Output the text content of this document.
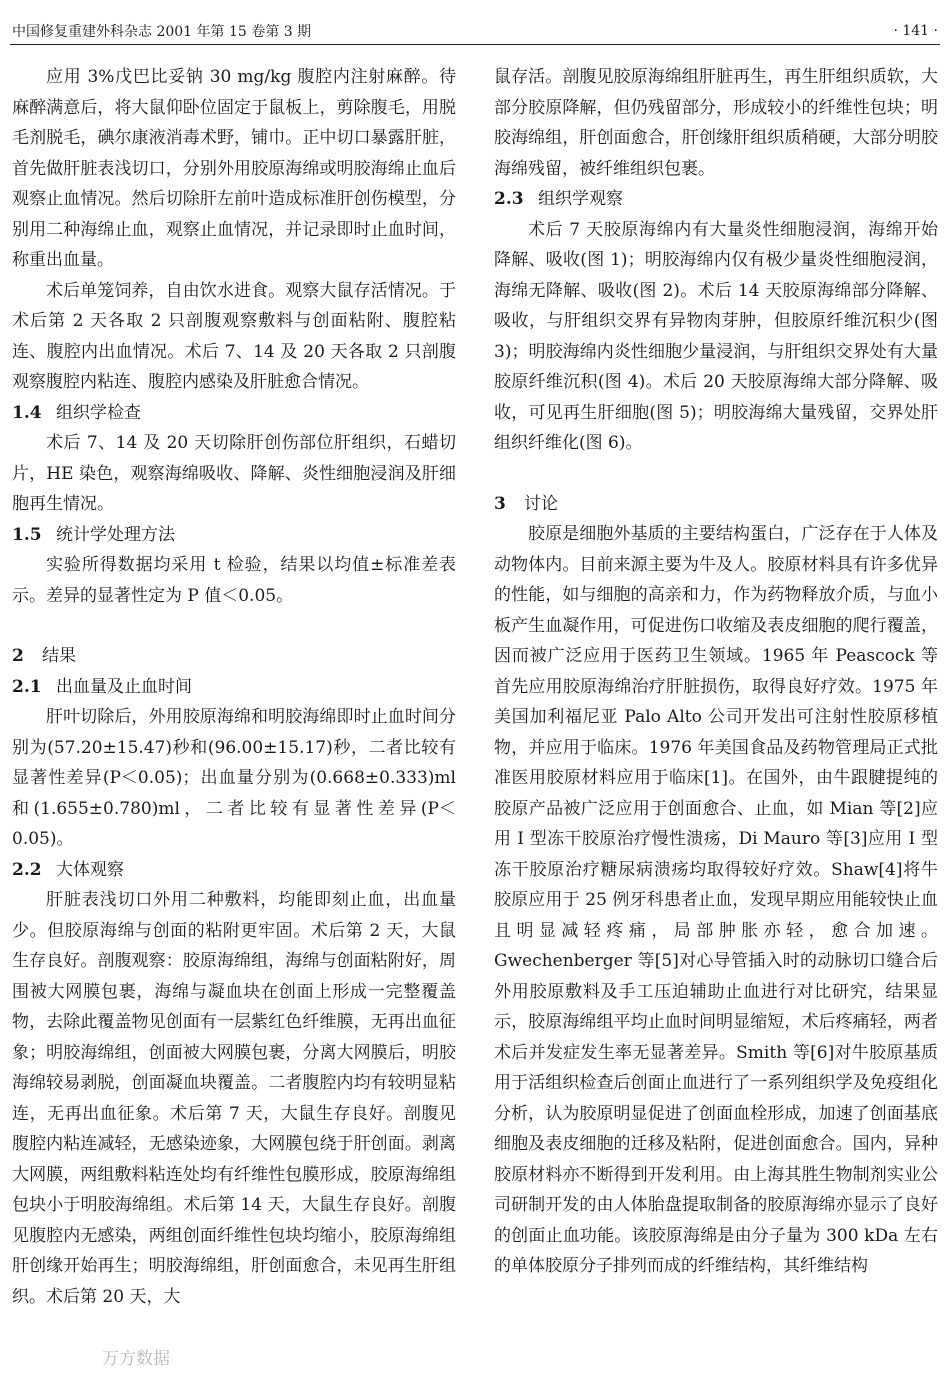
中国修复重建外科杂志 2001 年第 15 卷第 3 期	· 141 ·

应用 3%戊巴比妥钠 30 mg/kg 腹腔内注射麻醉。待麻醉满意后，将大鼠仰卧位固定于鼠板上，剪除腹毛，用脱毛剂脱毛，碘尔康液消毒术野，铺巾。正中切口暴露肝脏，首先做肝脏表浅切口，分别外用胶原海绵或明胶海绵止血后观察止血情况。然后切除肝左前叶造成标准肝创伤模型，分别用二种海绵止血，观察止血情况，并记录即时止血时间，称重出血量。

术后单笼饲养，自由饮水进食。观察大鼠存活情况。于术后第 2 天各取 2 只剖腹观察敷料与创面粘附、腹腔粘连、腹腔内出血情况。术后 7、14 及 20 天各取 2 只剖腹观察腹腔内粘连、腹腔内感染及肝脏愈合情况。

1.4 组织学检查

术后 7、14 及 20 天切除肝创伤部位肝组织，石蜡切片，HE 染色，观察海绵吸收、降解、炎性细胞浸润及肝细胞再生情况。

1.5 统计学处理方法

实验所得数据均采用 t 检验，结果以均值±标准差表示。差异的显著性定为 P 值＜0.05。

2 结果

2.1 出血量及止血时间

肝叶切除后，外用胶原海绵和明胶海绵即时止血时间分别为(57.20±15.47)秒和(96.00±15.17)秒，二者比较有显著性差异(P＜0.05)；出血量分别为(0.668±0.333)ml 和(1.655±0.780)ml，二者比较有显著性差异(P＜0.05)。

2.2 大体观察

肝脏表浅切口外用二种敷料，均能即刻止血，出血量少。但胶原海绵与创面的粘附更牢固。术后第 2 天，大鼠生存良好。剖腹观察：胶原海绵组，海绵与创面粘附好，周围被大网膜包裹，海绵与凝血块在创面上形成一完整覆盖物，去除此覆盖物见创面有一层紫红色纤维膜，无再出血征象；明胶海绵组，创面被大网膜包裹，分离大网膜后，明胶海绵较易剥脱，创面凝血块覆盖。二者腹腔内均有较明显粘连，无再出血征象。术后第 7 天，大鼠生存良好。剖腹见腹腔内粘连减轻，无感染迹象，大网膜包绕于肝创面。剥离大网膜，两组敷料粘连处均有纤维性包膜形成，胶原海绵组包块小于明胶海绵组。术后第 14 天，大鼠生存良好。剖腹见腹腔内无感染，两组创面纤维性包块均缩小，胶原海绵组肝创缘开始再生；明胶海绵组，肝创面愈合，未见再生肝组织。术后第 20 天，大

鼠存活。剖腹见胶原海绵组肝脏再生，再生肝组织质软，大部分胶原降解，但仍残留部分，形成较小的纤维性包块；明胶海绵组，肝创面愈合，肝创缘肝组织质稍硬，大部分明胶海绵残留，被纤维组织包裹。

2.3 组织学观察

术后 7 天胶原海绵内有大量炎性细胞浸润，海绵开始降解、吸收(图 1)；明胶海绵内仅有极少量炎性细胞浸润，海绵无降解、吸收(图 2)。术后 14 天胶原海绵部分降解、吸收，与肝组织交界有异物肉芽肿，但胶原纤维沉积少(图 3)；明胶海绵内炎性细胞少量浸润，与肝组织交界处有大量胶原纤维沉积(图 4)。术后 20 天胶原海绵大部分降解、吸收，可见再生肝细胞(图 5)；明胶海绵大量残留，交界处肝组织纤维化(图 6)。

3 讨论

胶原是细胞外基质的主要结构蛋白，广泛存在于人体及动物体内。目前来源主要为牛及人。胶原材料具有许多优异的性能，如与细胞的高亲和力，作为药物释放介质，与血小板产生血凝作用，可促进伤口收缩及表皮细胞的爬行覆盖，因而被广泛应用于医药卫生领域。1965 年 Peascock 等首先应用胶原海绵治疗肝脏损伤，取得良好疗效。1975 年美国加利福尼亚 Palo Alto 公司开发出可注射性胶原移植物，并应用于临床。1976 年美国食品及药物管理局正式批准医用胶原材料应用于临床[1]。在国外，由牛跟腱提纯的胶原产品被广泛应用于创面愈合、止血，如 Mian 等[2]应用 I 型冻干胶原治疗慢性溃疡，Di Mauro 等[3]应用 I 型冻干胶原治疗糖尿病溃疡均取得较好疗效。Shaw[4]将牛胶原应用于 25 例牙科患者止血，发现早期应用能较快止血且明显减轻疼痛，局部肿胀亦轻，愈合加速。Gwechenberger 等[5]对心导管插入时的动脉切口缝合后外用胶原敷料及手工压迫辅助止血进行对比研究，结果显示，胶原海绵组平均止血时间明显缩短，术后疼痛轻，两者术后并发症发生率无显著差异。Smith 等[6]对牛胶原基质用于活组织检查后创面止血进行了一系列组织学及免疫组化分析，认为胶原明显促进了创面血栓形成，加速了创面基底细胞及表皮细胞的迁移及粘附，促进创面愈合。国内，异种胶原材料亦不断得到开发利用。由上海其胜生物制剂实业公司研制开发的由人体胎盘提取制备的胶原海绵亦显示了良好的创面止血功能。该胶原海绵是由分子量为 300 kDa 左右的单体胶原分子排列而成的纤维结构，其纤维结构

万方数据
